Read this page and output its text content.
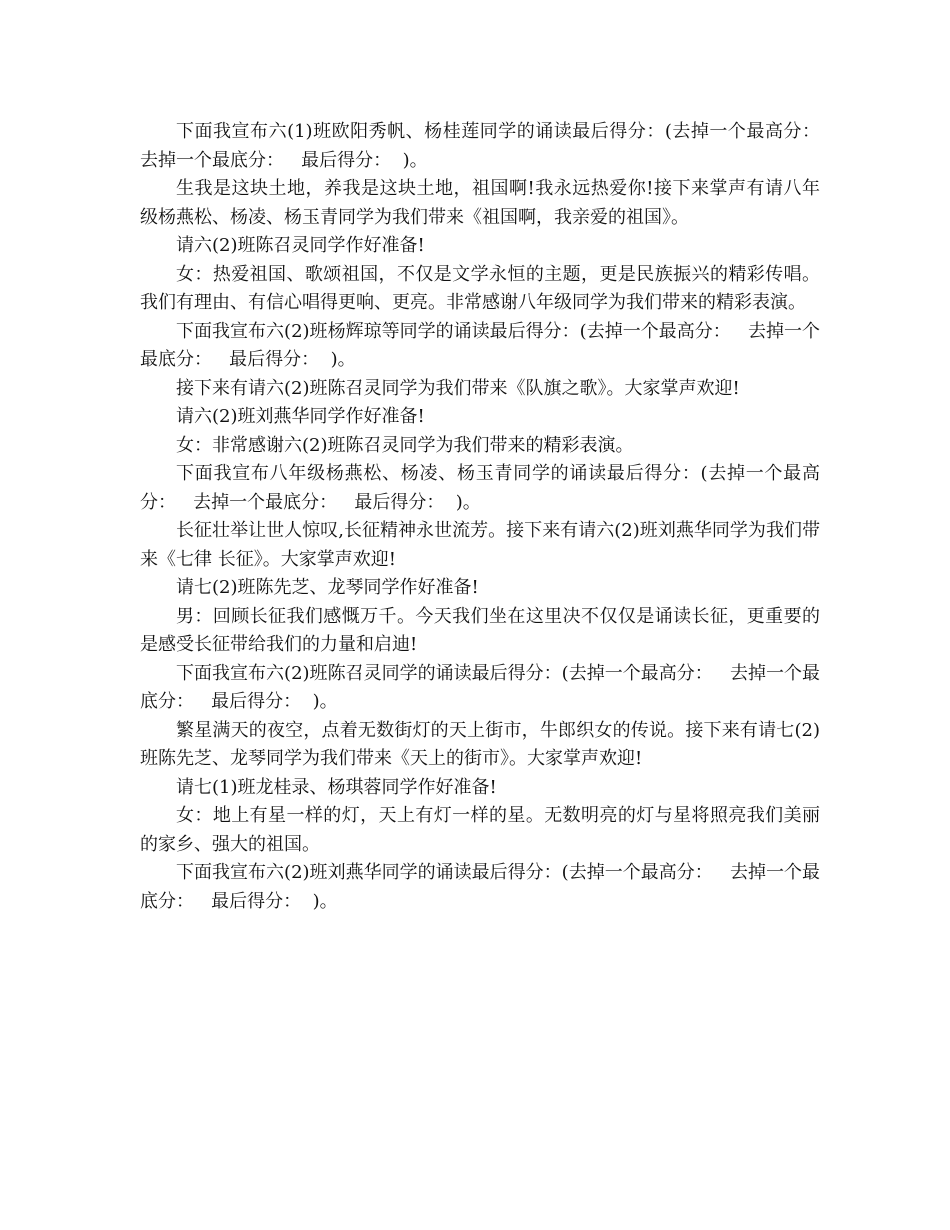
下面我宣布六(1)班欧阳秀帆、杨桂莲同学的诵读最后得分：(去掉一个最高分：  去掉一个最底分：   最后得分：  )。

生我是这块土地，养我是这块土地，祖国啊!我永远热爱你!接下来掌声有请八年级杨燕松、杨凌、杨玉青同学为我们带来《祖国啊，我亲爱的祖国》。

请六(2)班陈召灵同学作好准备!

女：热爱祖国、歌颂祖国，不仅是文学永恒的主题，更是民族振兴的精彩传唱。我们有理由、有信心唱得更响、更亮。非常感谢八年级同学为我们带来的精彩表演。

下面我宣布六(2)班杨辉琼等同学的诵读最后得分：(去掉一个最高分：   去掉一个最底分：   最后得分：  )。

接下来有请六(2)班陈召灵同学为我们带来《队旗之歌》。大家掌声欢迎!

请六(2)班刘燕华同学作好准备!

女：非常感谢六(2)班陈召灵同学为我们带来的精彩表演。

下面我宣布八年级杨燕松、杨凌、杨玉青同学的诵读最后得分：(去掉一个最高分：   去掉一个最底分：   最后得分：  )。

长征壮举让世人惊叹,长征精神永世流芳。接下来有请六(2)班刘燕华同学为我们带来《七律 长征》。大家掌声欢迎!

请七(2)班陈先芝、龙琴同学作好准备!

男：回顾长征我们感慨万千。今天我们坐在这里决不仅仅是诵读长征，更重要的是感受长征带给我们的力量和启迪!

下面我宣布六(2)班陈召灵同学的诵读最后得分：(去掉一个最高分：   去掉一个最底分：   最后得分：  )。

繁星满天的夜空，点着无数街灯的天上街市，牛郎织女的传说。接下来有请七(2)班陈先芝、龙琴同学为我们带来《天上的街市》。大家掌声欢迎!

请七(1)班龙桂录、杨琪蓉同学作好准备!

女：地上有星一样的灯，天上有灯一样的星。无数明亮的灯与星将照亮我们美丽的家乡、强大的祖国。

下面我宣布六(2)班刘燕华同学的诵读最后得分：(去掉一个最高分：   去掉一个最底分：   最后得分：  )。
